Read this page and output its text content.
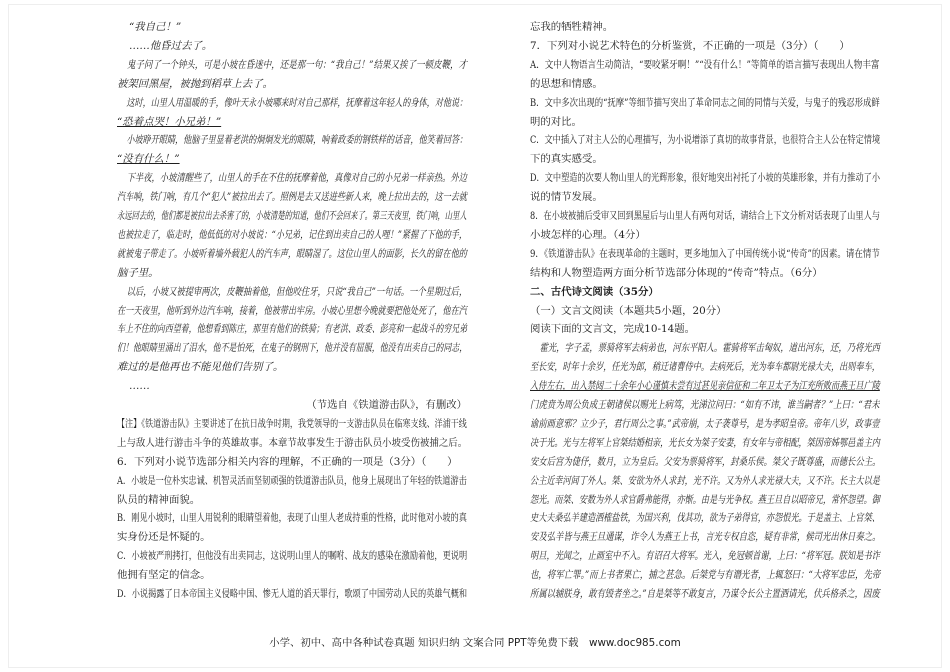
“我自己！”
……他昏过去了。
鬼子问了一个钟头，可是小坡在昏迷中，还是那一句：“我自己！”结果又挨了一顿皮鞭，才
被架回黑屋，被抛到稻草上去了。
这时，山里人用温暖的手，像叶天永小坡哪来时对自己那样，抚摩着这年轻人的身体，对他说：
“恐着点哭！小兄弟！”
小坡睁开眼睛，他脑子里显着老洪的炯炯发光的眼睛，响着政委的钢铁样的话音，他笑着回答：
“没有什么！”
下半夜，小坡清醒些了，山里人的手在不住的抚摩着他，真像对自己的小兄弟一样亲热。外边
汽车响，铁门响，有几个“犯人”被拉出去了。照例是去又送进些新人来，晚上拉出去的，这一去就
永远回去的，他们都是被拉出去杀害了的，小坡清楚的知道，他们不会回来了。第三天夜里，铁门响，山里人
也被拉走了，临走时，他低低的对小坡说：“小兄弟，记住到出卖自己的人哩！”紧握了下他的手，
就被鬼子带走了。小坡听着墙外载犯人的汽车声，眼睛湿了。这位山里人的面影，长久的留在他的
脑子里。
以后，小坡又被提审两次，皮鞭抽着他，但他咬住牙，只说“我自己”一句话。一个星期过后，
在一天夜里，他听到外边汽车响，接着，他被带出牢房。小坡心里想今晚就要把他处死了，他在汽
车上不住的向西望着，他想看到陈庄，那里有他们的铁骑；有老洪、政委、彭亮和一起战斗的穷兄弟
们！他眼睛里涌出了泪水，他不是怕死，在鬼子的钢刑下，他并没有屈服，他没有出卖自己的同志，
难过的是他再也不能见他们告别了。
……
（节选自《铁道游击队》，有删改）
【注】《铁道游击队》主要讲述了在抗日战争时期，我党领导的一支游击队员在临寒支线、洋浦干线
上与敌人进行游击斗争的英雄故事。本章节故事发生于游击队员小坡受伤被捕之后。
6．下列对小说节选部分相关内容的理解，不正确的一项是（3分）（　　）
A．小坡是一位朴实忠诚、机智灵活而坚韧顽强的铁道游击队员，他身上展现出了年轻的铁道游击
队员的精神面貌。
B．刚见小坡时，山里人用锐利的眼睛望着他，表现了山里人老成持重的性格，此时他对小坡的真
实身份还是怀疑的。
C．小坡被严刑拷打，但他没有出卖同志，这说明山里人的嘱咐、战友的感染在激励着他，更说明
他拥有坚定的信念。
D．小说揭露了日本帝国主义侵略中国、惨无人道的滔天罪行，歌颂了中国劳动人民的英雄气概和
忘我的牺牲精神。
7．下列对小说艺术特色的分析鉴赏，不正确的一项是（3分）（　　）
A．文中人物语言生动简洁，“要咬紧牙啊！”“没有什么！”等简单的语言描写表现出人物丰富
的思想和情感。
B．文中多次出现的“抚摩”等细节描写突出了革命同志之间的同情与关爱，与鬼子的残忍形成鲜
明的对比。
C．文中插入了对主人公的心理描写，为小说增添了真切的故事背景，也很符合主人公在特定情境
下的真实感受。
D．文中塑造的次要人物山里人的光辉形象，很好地突出衬托了小坡的英雄形象，并有力推动了小
说的情节发展。
8．在小坡被捕后受审又回到黑屋后与山里人有两句对话，请结合上下文分析对话表现了山里人与
小坡怎样的心理。（4分）
9．《铁道游击队》在表现革命的主题时，更多地加入了中国传统小说“传奇”的因素。请在情节
结构和人物塑造两方面分析节选部分体现的“传奇”特点。（6分）
二、古代诗文阅读（35分）
（一）文言文阅读（本题共5小题，20分）
阅读下面的文言文，完成10-14题。
霍光，字子孟，票骑将军去病弟也，河东平阳人。霍骑将军击匈奴，道出河东，还，乃将光西
至长安，时年十余岁，任光为郎，稍迁诸曹侍中。去病死后，光为奉车都尉光禄大夫，出则奉车，
入侍左右，出入禁闼二十余年小心谨慎未尝有过甚见亲信征和二年卫太子为江充所败而燕王旦广陵
门虎贲为周公负成王朝诸侯以赐光上病笃，光涕泣问曰：“如有不讳，谁当嗣者？”上曰：“君未
谕前画意邪？立少子，君行周公之事。”武帝崩，太子袭尊号，是为孝昭皇帝。帝年八岁，政事壹
决于光。光与左将军上官桀结婚相亲，光长女为桀子安妻，有女年与帝相配，桀因帝姊鄂邑盖主内
安女后宫为倢伃，数月，立为皇后。父安为票骑将军，封桑乐侯。桀父子既尊盛，而德长公主。
公主近幸河间丁外人。桀、安欲为外人求封，光不许。又为外人求光禄大夫，又不许。长主大以是
怨光。而桀、安数为外人求官爵弗能得，亦惭。由是与光争权。燕王旦自以昭帝兄，常怀怨望。御
史大夫桑弘羊建造酒榷盐铁，为国兴利，伐其功，欲为子弟得官，亦怨恨光。于是盖主、上官桀、
安及弘羊皆与燕王旦通谋，诈令人为燕王上书，言光专权自恣，疑有非常，候司光出休日奏之。
明旦，光闻之，止画室中不入。有诏召大将军。光入，免冠顿首谢，上曰：“将军冠。朕知是书诈
也，将军亡罪。”而上书者果亡，捕之甚急。后桀党与有谮光者，上辄怒曰：“大将军忠臣，先帝
所属以辅朕身，敢有毁者坐之。”自是桀等不敢复言，乃谋令长公主置酒请光，伏兵格杀之，因废
小学、初中、高中各种试卷真题 知识归纳 文案合同 PPT等免费下载　www.doc985.com
